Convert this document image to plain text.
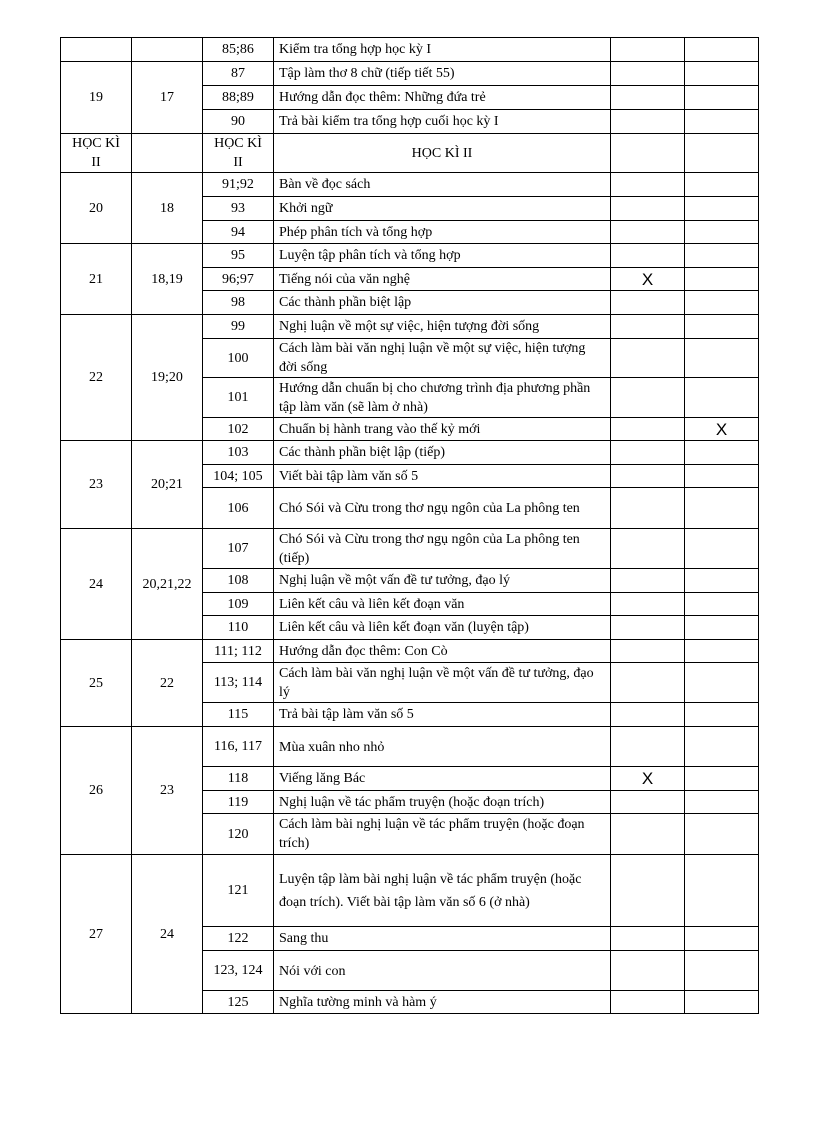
		85;86	Kiểm tra tổng hợp học kỳ I		
19	17	87	Tập làm thơ 8 chữ (tiếp tiết 55)		
		88;89	Hướng dẫn đọc thêm: Những đứa trẻ		
		90	Trả bài kiểm tra tổng hợp cuối học kỳ I		
HỌC KÌ II		HỌC KÌ II	HỌC KÌ II		
20	18	91;92	Bàn về đọc sách		
		93	Khởi ngữ		
		94	Phép phân tích và tổng hợp		
21	18,19	95	Luyện tập phân tích và tổng hợp		
		96;97	Tiếng nói của văn nghệ	X	
		98	Các thành phần biệt lập		
22	19;20	99	Nghị luận về một sự việc, hiện tượng đời sống		
		100	Cách làm bài văn nghị luận về một sự việc, hiện tượng đời sống		
		101	Hướng dẫn chuẩn bị cho chương trình địa phương phần tập làm văn (sẽ làm ở nhà)		
		102	Chuẩn bị hành trang vào thế kỷ mới		X
23	20;21	103	Các thành phần biệt lập (tiếp)		
		104; 105	Viết bài tập làm văn số 5		
		106	Chó Sói và Cừu trong thơ ngụ ngôn của La phông ten		
24	20,21,22	107	Chó Sói và Cừu trong thơ ngụ ngôn của La phông ten (tiếp)		
		108	Nghị luận về một vấn đề tư tưởng, đạo lý		
		109	Liên kết câu và liên kết đoạn văn		
		110	Liên kết câu và liên kết đoạn văn (luyện tập)		
25	22	111; 112	Hướng dẫn đọc thêm: Con Cò		
		113; 114	Cách làm bài văn nghị luận về một vấn đề tư tưởng, đạo lý		
		115	Trả bài tập làm văn số 5		
26	23	116, 117	Mùa xuân nho nhỏ		
		118	Viếng lăng Bác	X	
		119	Nghị luận về tác phẩm truyện (hoặc đoạn trích)		
		120	Cách làm bài nghị luận về tác phẩm truyện (hoặc đoạn trích)		
27	24	121	Luyện tập làm bài nghị luận về tác phẩm truyện (hoặc đoạn trích). Viết bài tập làm văn số 6 (ở nhà)		
		122	Sang thu		
		123, 124	Nói với con		
		125	Nghĩa tường minh và hàm ý		
